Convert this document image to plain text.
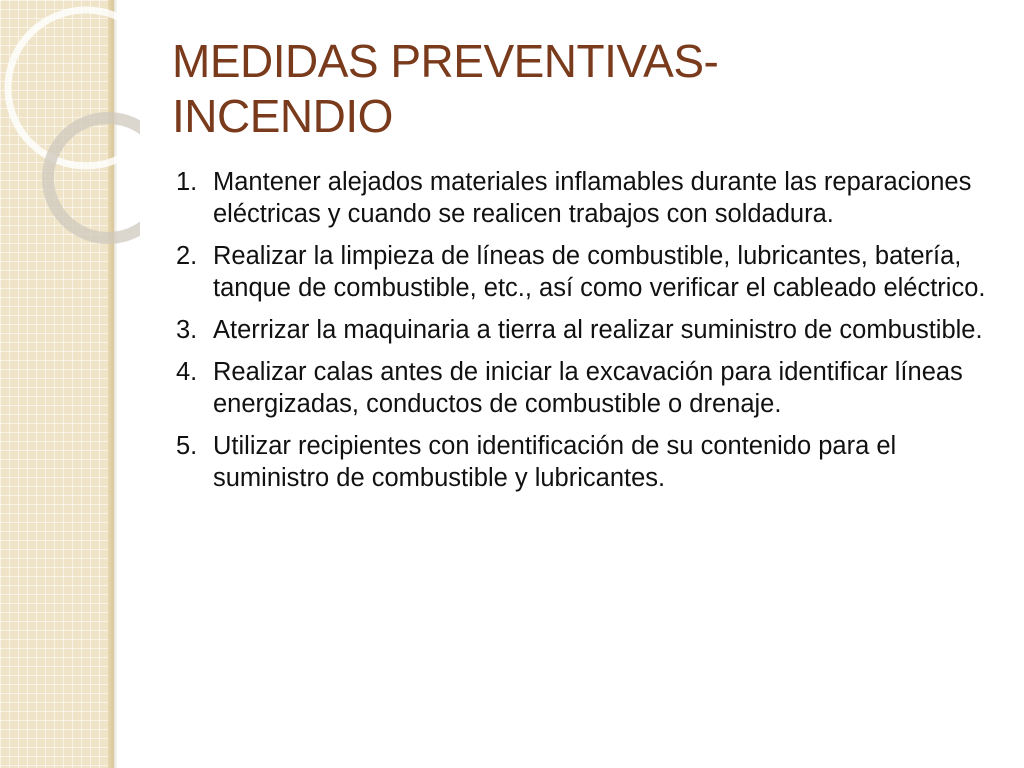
MEDIDAS PREVENTIVAS-
INCENDIO
1. Mantener alejados materiales inflamables durante las reparaciones eléctricas y cuando se realicen trabajos con soldadura.
2. Realizar la limpieza de líneas de combustible, lubricantes, batería, tanque de combustible, etc., así como verificar el cableado eléctrico.
3. Aterrizar la maquinaria a tierra al realizar suministro de combustible.
4. Realizar calas antes de iniciar la excavación para identificar líneas energizadas, conductos de combustible o drenaje.
5. Utilizar recipientes con identificación de su contenido para el suministro de combustible y lubricantes.
